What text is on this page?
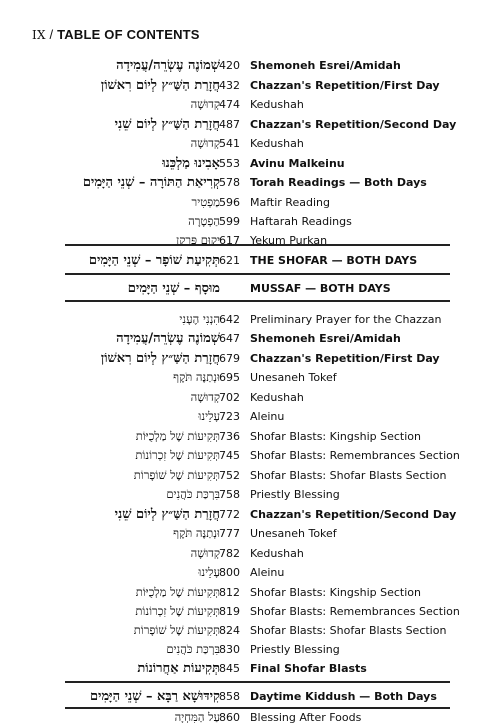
IX / TABLE OF CONTENTS
שְׁמוֹנֶה עֶשְׂרֵה/עֲמִידָה 420 Shemoneh Esrei/Amidah
חֲזָרַת הַשַּׁ״ץ לְיוֹם רִאשׁוֹן 432 Chazzan's Repetition/First Day
קְדוּשָׁה 474 Kedushah
חֲזָרַת הַשַּׁ״ץ לְיוֹם שֵׁנִי 487 Chazzan's Repetition/Second Day
קְדוּשָׁה 541 Kedushah
אָבִינוּ מַלְכֵּנוּ 553 Avinu Malkeinu
קְרִיאַת הַתּוֹרָה – שְׁנֵי הַיָּמִים 578 Torah Readings — Both Days
מַפְטִיר 596 Maftir Reading
הַפְטָרָה 599 Haftarah Readings
יְקוּם פֻּרְקָן 617 Yekum Purkan
תְּקִיעַת שׁוֹפָר – שְׁנֵי הַיָּמִים 621 THE SHOFAR — BOTH DAYS
מוּסָף – שְׁנֵי הַיָּמִים	MUSSAF — BOTH DAYS
הִנְנִי הֶעָנִי 642 Preliminary Prayer for the Chazzan
שְׁמוֹנֶה עֶשְׂרֵה/עֲמִידָה 647 Shemoneh Esrei/Amidah
חֲזָרַת הַשַּׁ״ץ לְיוֹם רִאשׁוֹן 679 Chazzan's Repetition/First Day
וּנְתַנֶּה תֹּקֶף 695 Unesaneh Tokef
קְדוּשָׁה 702 Kedushah
עָלֵינוּ 723 Aleinu
תְּקִיעוֹת שֶׁל מַלְכֻיּוֹת 736 Shofar Blasts: Kingship Section
תְּקִיעוֹת שֶׁל זִכְרוֹנוֹת 745 Shofar Blasts: Remembrances Section
תְּקִיעוֹת שֶׁל שׁוֹפָרוֹת 752 Shofar Blasts: Shofar Blasts Section
בִּרְכַּת כֹּהֲנִים 758 Priestly Blessing
חֲזָרַת הַשַּׁ״ץ לְיוֹם שֵׁנִי 772 Chazzan's Repetition/Second Day
וּנְתַנֶּה תֹּקֶף 777 Unesaneh Tokef
קְדוּשָׁה 782 Kedushah
עָלֵינוּ 800 Aleinu
תְּקִיעוֹת שֶׁל מַלְכֻיּוֹת 812 Shofar Blasts: Kingship Section
תְּקִיעוֹת שֶׁל זִכְרוֹנוֹת 819 Shofar Blasts: Remembrances Section
תְּקִיעוֹת שֶׁל שׁוֹפָרוֹת 824 Shofar Blasts: Shofar Blasts Section
בִּרְכַּת כֹּהֲנִים 830 Priestly Blessing
תְּקִיעוֹת אַחֲרוֹנוֹת 845 Final Shofar Blasts
קִידּוּשָׁא רַבָּא – שְׁנֵי הַיָּמִים 858 Daytime Kiddush — Both Days
עַל הַמִּחְיָה 860 Blessing After Foods
